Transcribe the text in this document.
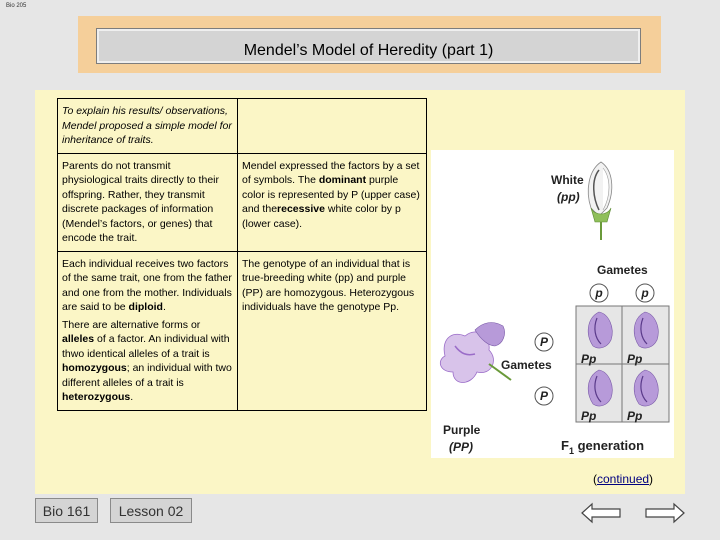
Bio 205
Mendel’s Model of Heredity (part 1)
To explain his results/ observations, Mendel proposed a simple model for inheritance of traits.	
Parents do not transmit physiological traits directly to their offspring. Rather, they transmit discrete packages of information (Mendel’s factors, or genes) that encode the trait.	Mendel expressed the factors by a set of symbols. The dominant purple color is represented by P (upper case) and therecessive white color by p (lower case).

Each individual receives two factors of the same trait, one from the father and one from the mother. Individuals are said to be diploid.
There are alternative forms or alleles of a factor. An individual with thwo identical alleles of a trait is homozygous; an individual with two different alleles of a trait is heterozygous.	The genotype of an individual that is true-breeding white (pp) and purple (PP) are homozygous. Heterozygous individuals have the genotype Pp.
White
(pp)
Gametes
p	p
Pp	Pp
Pp	Pp
P
P
Gametes
Purple
(PP)	$F_1$ generation
(continued)
Bio 161 Lesson 02
